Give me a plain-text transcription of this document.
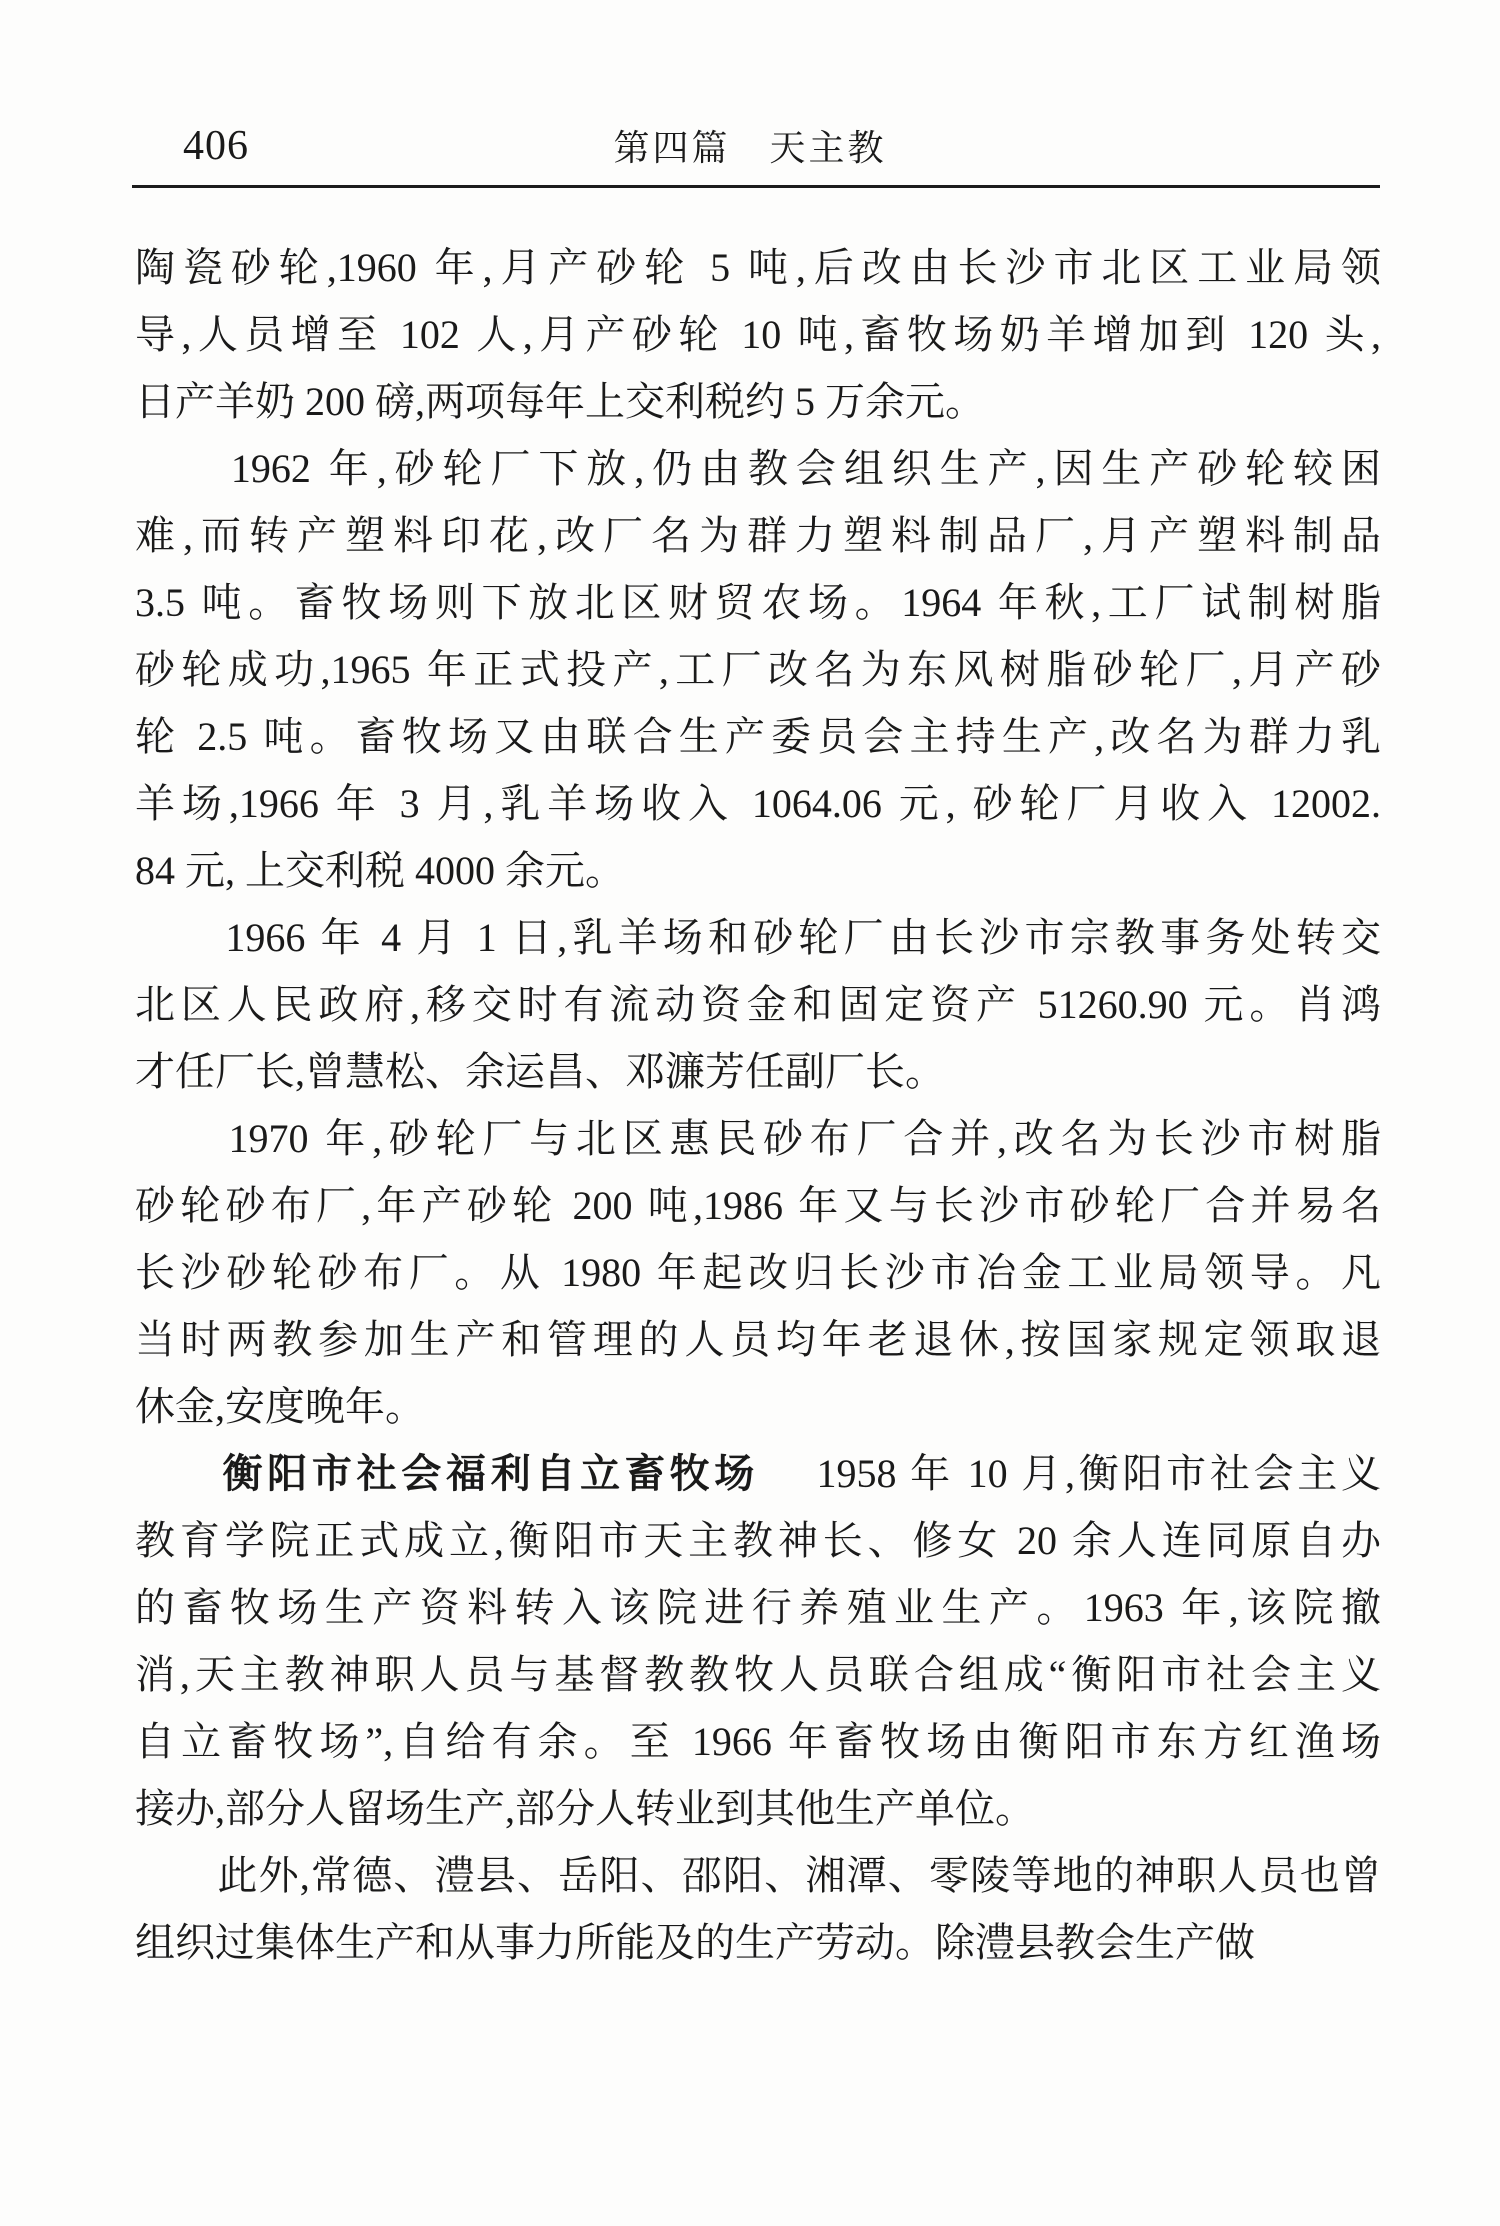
406	第四篇　天主教
陶瓷砂轮,1960 年,月产砂轮 5 吨,后改由长沙市北区工业局领
导,人员增至 102 人,月产砂轮 10 吨,畜牧场奶羊增加到 120 头,
日产羊奶 200 磅,两项每年上交利税约 5 万余元。
　　1962 年,砂轮厂下放,仍由教会组织生产,因生产砂轮较困
难,而转产塑料印花,改厂名为群力塑料制品厂,月产塑料制品
3.5 吨。畜牧场则下放北区财贸农场。1964 年秋,工厂试制树脂
砂轮成功,1965 年正式投产,工厂改名为东风树脂砂轮厂,月产砂
轮 2.5 吨。畜牧场又由联合生产委员会主持生产,改名为群力乳
羊场,1966 年 3 月,乳羊场收入 1064.06 元, 砂轮厂月收入 12002.
84 元, 上交利税 4000 余元。
　　1966 年 4 月 1 日,乳羊场和砂轮厂由长沙市宗教事务处转交
北区人民政府,移交时有流动资金和固定资产 51260.90 元。肖鸿
才任厂长,曾慧松、余运昌、邓濂芳任副厂长。
　　1970 年,砂轮厂与北区惠民砂布厂合并,改名为长沙市树脂
砂轮砂布厂,年产砂轮 200 吨,1986 年又与长沙市砂轮厂合并易名
长沙砂轮砂布厂。从 1980 年起改归长沙市冶金工业局领导。凡
当时两教参加生产和管理的人员均年老退休,按国家规定领取退
休金,安度晚年。
　　衡阳市社会福利自立畜牧场　 1958 年 10 月,衡阳市社会主义
教育学院正式成立,衡阳市天主教神长、修女 20 余人连同原自办
的畜牧场生产资料转入该院进行养殖业生产。1963 年,该院撤
消,天主教神职人员与基督教教牧人员联合组成“衡阳市社会主义
自立畜牧场”,自给有余。至 1966 年畜牧场由衡阳市东方红渔场
接办,部分人留场生产,部分人转业到其他生产单位。
　　此外,常德、澧县、岳阳、邵阳、湘潭、零陵等地的神职人员也曾
组织过集体生产和从事力所能及的生产劳动。除澧县教会生产做
